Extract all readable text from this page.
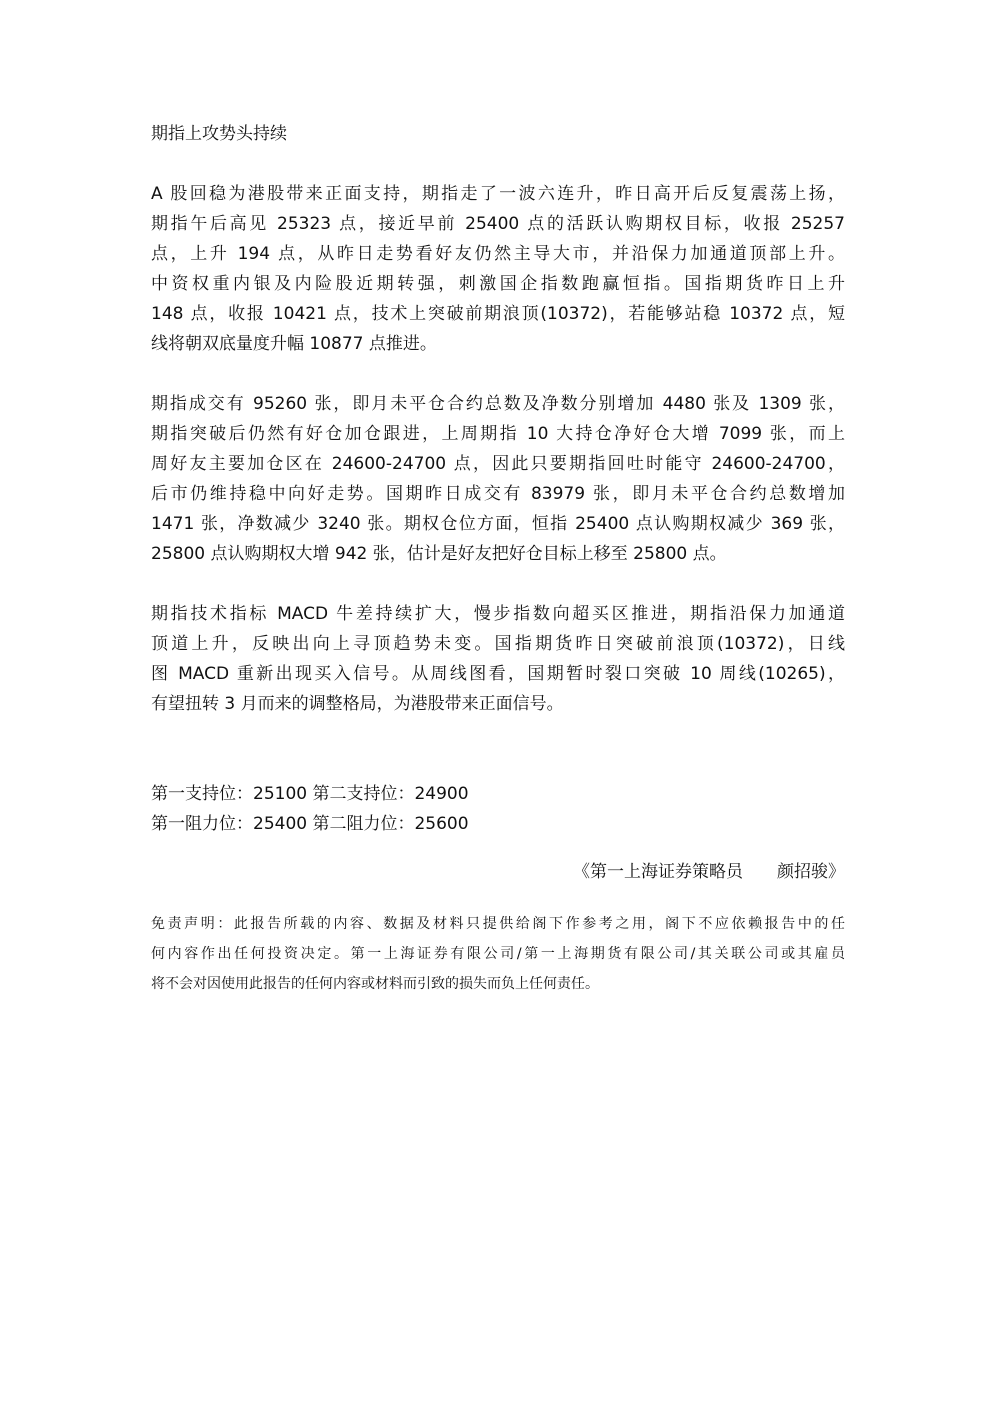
期指上攻势头持续
A 股回稳为港股带来正面支持，期指走了一波六连升，昨日高开后反复震荡上扬，
期指午后高见 25323 点，接近早前 25400 点的活跃认购期权目标，收报 25257
点，上升 194 点，从昨日走势看好友仍然主导大市，并沿保力加通道顶部上升。
中资权重内银及内险股近期转强，刺激国企指数跑赢恒指。国指期货昨日上升
148 点，收报 10421 点，技术上突破前期浪顶(10372)，若能够站稳 10372 点，短
线将朝双底量度升幅 10877 点推进。
期指成交有 95260 张，即月未平仓合约总数及净数分别增加 4480 张及 1309 张，
期指突破后仍然有好仓加仓跟进，上周期指 10 大持仓净好仓大增 7099 张，而上
周好友主要加仓区在 24600-24700 点，因此只要期指回吐时能守 24600-24700，
后市仍维持稳中向好走势。国期昨日成交有 83979 张，即月未平仓合约总数增加
1471 张，净数减少 3240 张。期权仓位方面，恒指 25400 点认购期权减少 369 张，
25800 点认购期权大增 942 张，估计是好友把好仓目标上移至 25800 点。
期指技术指标 MACD 牛差持续扩大，慢步指数向超买区推进，期指沿保力加通道
顶道上升，反映出向上寻顶趋势未变。国指期货昨日突破前浪顶(10372)，日线
图 MACD 重新出现买入信号。从周线图看，国期暂时裂口突破 10 周线(10265)，
有望扭转 3 月而来的调整格局，为港股带来正面信号。
第一支持位：25100 第二支持位：24900
第一阻力位：25400 第二阻力位：25600
《第一上海证券策略员　　颜招骏》
免责声明：此报告所载的内容、数据及材料只提供给阁下作参考之用，阁下不应依赖报告中的任
何内容作出任何投资决定。第一上海证券有限公司/第一上海期货有限公司/其关联公司或其雇员
将不会对因使用此报告的任何内容或材料而引致的损失而负上任何责任。
